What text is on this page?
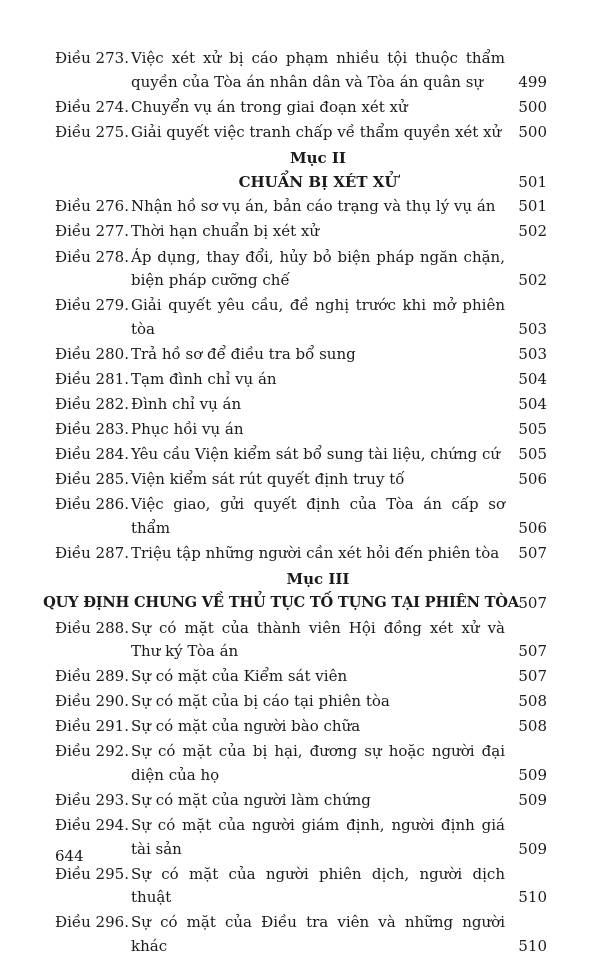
Điều 273. Việc xét xử bị cáo phạm nhiều tội thuộc thẩm quyền của Tòa án nhân dân và Tòa án quân sự	499
Điều 274. Chuyển vụ án trong giai đoạn xét xử	500
Điều 275. Giải quyết việc tranh chấp về thẩm quyền xét xử	500
Mục II
CHUẨN BỊ XÉT XỬ	501
Điều 276. Nhận hồ sơ vụ án, bản cáo trạng và thụ lý vụ án	501
Điều 277. Thời hạn chuẩn bị xét xử	502
Điều 278. Áp dụng, thay đổi, hủy bỏ biện pháp ngăn chặn, biện pháp cưỡng chế	502
Điều 279. Giải quyết yêu cầu, đề nghị trước khi mở phiên tòa	503
Điều 280. Trả hồ sơ để điều tra bổ sung	503
Điều 281. Tạm đình chỉ vụ án	504
Điều 282. Đình chỉ vụ án	504
Điều 283. Phục hồi vụ án	505
Điều 284. Yêu cầu Viện kiểm sát bổ sung tài liệu, chứng cứ	505
Điều 285. Viện kiểm sát rút quyết định truy tố	506
Điều 286. Việc giao, gửi quyết định của Tòa án cấp sơ thẩm	506
Điều 287. Triệu tập những người cần xét hỏi đến phiên tòa	507
Mục III
QUY ĐỊNH CHUNG VỀ THỦ TỤC TỐ TỤNG TẠI PHIÊN TÒA 507
Điều 288. Sự có mặt của thành viên Hội đồng xét xử và Thư ký Tòa án	507
Điều 289. Sự có mặt của Kiểm sát viên	507
Điều 290. Sự có mặt của bị cáo tại phiên tòa	508
Điều 291. Sự có mặt của người bào chữa	508
Điều 292. Sự có mặt của bị hại, đương sự hoặc người đại diện của họ	509
Điều 293. Sự có mặt của người làm chứng	509
Điều 294. Sự có mặt của người giám định, người định giá tài sản	509
Điều 295. Sự có mặt của người phiên dịch, người dịch thuật	510
Điều 296. Sự có mặt của Điều tra viên và những người khác	510
644
